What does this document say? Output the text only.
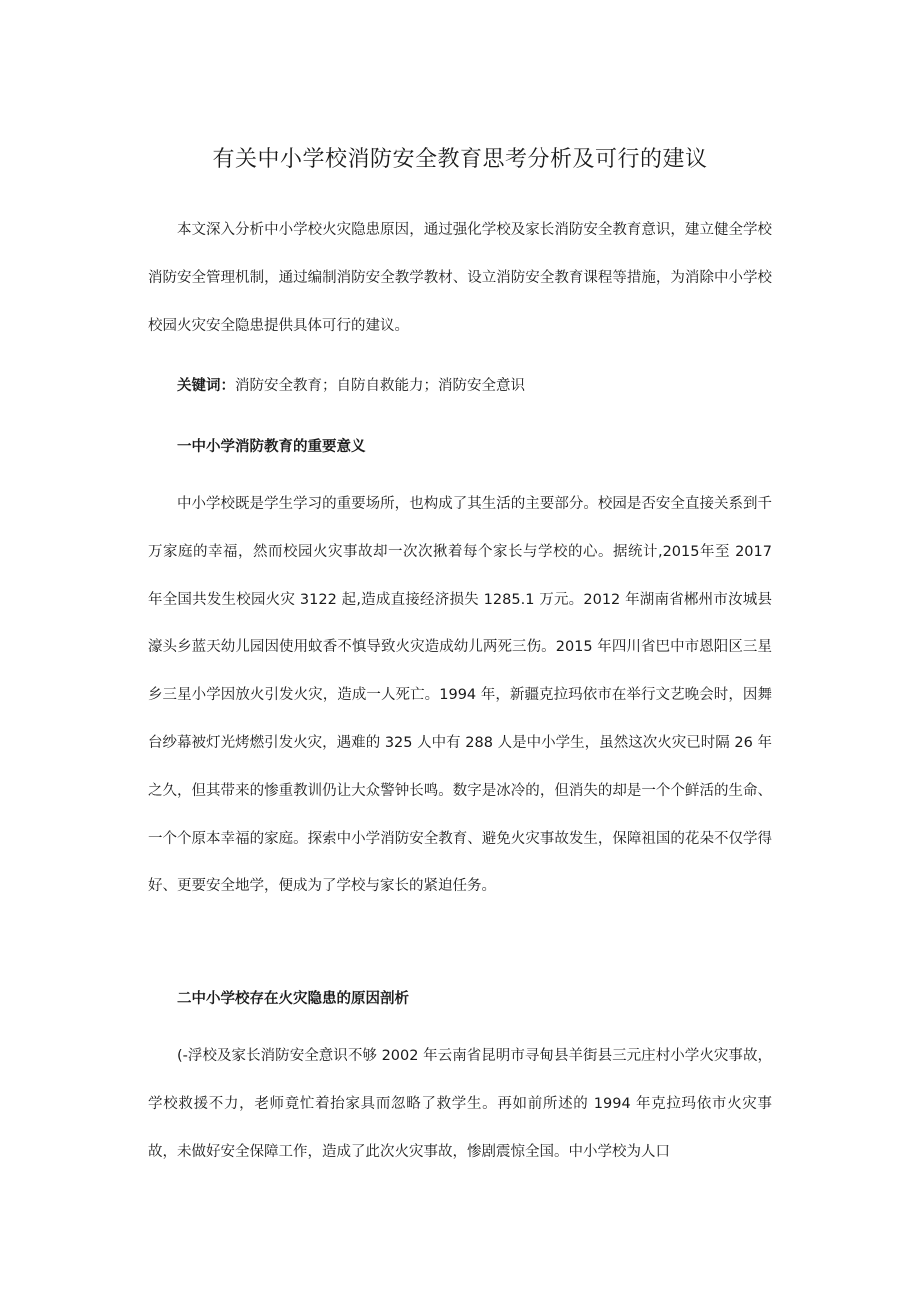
有关中小学校消防安全教育思考分析及可行的建议

本文深入分析中小学校火灾隐患原因，通过强化学校及家长消防安全教育意识，建立健全学校消防安全管理机制，通过编制消防安全教学教材、设立消防安全教育课程等措施，为消除中小学校校园火灾安全隐患提供具体可行的建议。

关键词：消防安全教育；自防自救能力；消防安全意识

一中小学消防教育的重要意义

中小学校既是学生学习的重要场所，也构成了其生活的主要部分。校园是否安全直接关系到千万家庭的幸福，然而校园火灾事故却一次次揪着每个家长与学校的心。据统计,2015年至 2017 年全国共发生校园火灾 3122 起,造成直接经济损失 1285.1 万元。2012 年湖南省郴州市汝城县濠头乡蓝天幼儿园因使用蚊香不慎导致火灾造成幼儿两死三伤。2015 年四川省巴中市恩阳区三星乡三星小学因放火引发火灾，造成一人死亡。1994 年，新疆克拉玛依市在举行文艺晚会时，因舞台纱幕被灯光烤燃引发火灾，遇难的 325 人中有 288 人是中小学生，虽然这次火灾已时隔 26 年之久，但其带来的惨重教训仍让大众警钟长鸣。数字是冰冷的，但消失的却是一个个鲜活的生命、一个个原本幸福的家庭。探索中小学消防安全教育、避免火灾事故发生，保障祖国的花朵不仅学得好、更要安全地学，便成为了学校与家长的紧迫任务。

二中小学校存在火灾隐患的原因剖析

(-浮校及家长消防安全意识不够 2002 年云南省昆明市寻甸县羊街县三元庄村小学火灾事故，学校救援不力，老师竟忙着抬家具而忽略了救学生。再如前所述的 1994 年克拉玛依市火灾事故，未做好安全保障工作，造成了此次火灾事故，惨剧震惊全国。中小学校为人口
